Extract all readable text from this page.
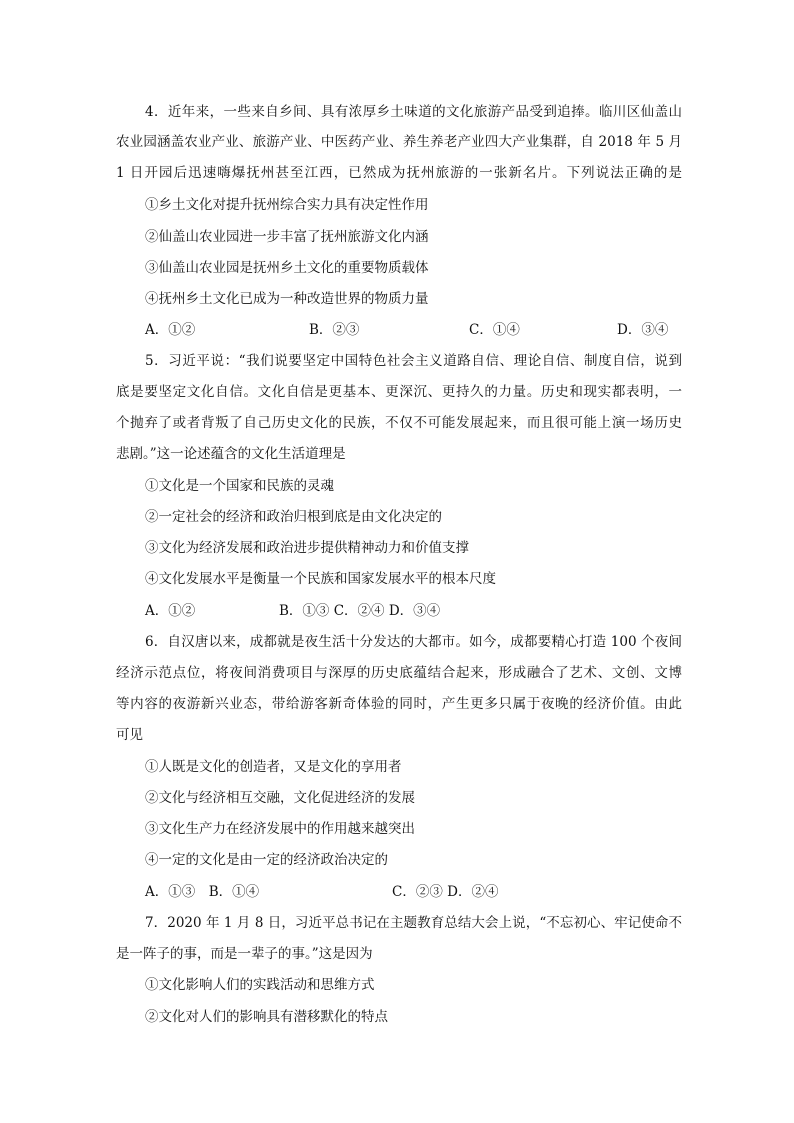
4．近年来，一些来自乡间、具有浓厚乡土味道的文化旅游产品受到追捧。临川区仙盖山
农业园涵盖农业产业、旅游产业、中医药产业、养生养老产业四大产业集群，自 2018 年 5 月
1 日开园后迅速嗨爆抚州甚至江西，已然成为抚州旅游的一张新名片。下列说法正确的是
①乡土文化对提升抚州综合实力具有决定性作用
②仙盖山农业园进一步丰富了抚州旅游文化内涵
③仙盖山农业园是抚州乡土文化的重要物质载体
④抚州乡土文化已成为一种改造世界的物质力量
A．①②	B．②③	C．①④	D．③④
5．习近平说：“我们说要坚定中国特色社会主义道路自信、理论自信、制度自信，说到
底是要坚定文化自信。文化自信是更基本、更深沉、更持久的力量。历史和现实都表明，一
个抛弃了或者背叛了自己历史文化的民族，不仅不可能发展起来，而且很可能上演一场历史
悲剧。”这一论述蕴含的文化生活道理是
①文化是一个国家和民族的灵魂
②一定社会的经济和政治归根到底是由文化决定的
③文化为经济发展和政治进步提供精神动力和价值支撑
④文化发展水平是衡量一个民族和国家发展水平的根本尺度
A．①②	B．①③ C．②④ D．③④
6．自汉唐以来，成都就是夜生活十分发达的大都市。如今，成都要精心打造 100 个夜间
经济示范点位，将夜间消费项目与深厚的历史底蕴结合起来，形成融合了艺术、文创、文博
等内容的夜游新兴业态，带给游客新奇体验的同时，产生更多只属于夜晚的经济价值。由此
可见
①人既是文化的创造者，又是文化的享用者
②文化与经济相互交融，文化促进经济的发展
③文化生产力在经济发展中的作用越来越突出
④一定的文化是由一定的经济政治决定的
A．①③　B．①④	C．②③ D．②④
7．2020 年 1 月 8 日，习近平总书记在主题教育总结大会上说，“不忘初心、牢记使命不
是一阵子的事，而是一辈子的事。”这是因为
①文化影响人们的实践活动和思维方式
②文化对人们的影响具有潜移默化的特点
